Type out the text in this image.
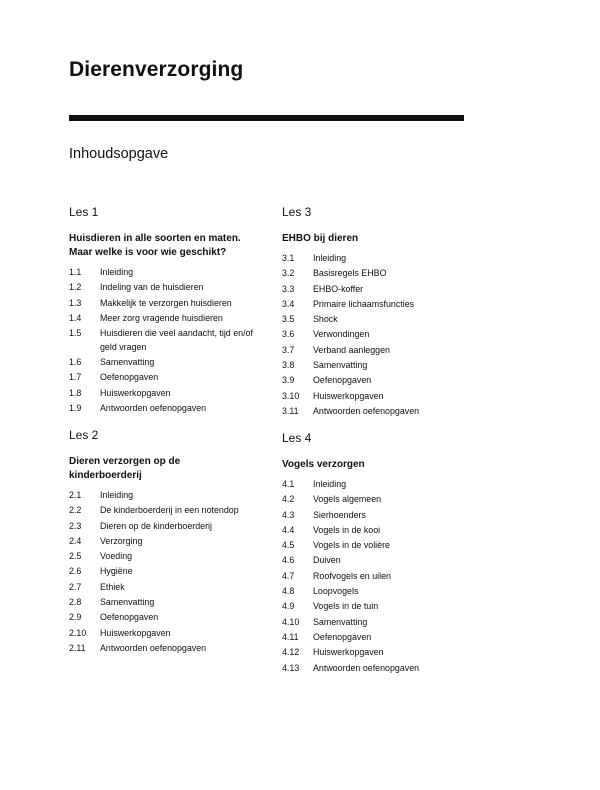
Dierenverzorging
Inhoudsopgave
Les 1
Huisdieren in alle soorten en maten. Maar welke is voor wie geschikt?
1.1	Inleiding
1.2	Indeling van de huisdieren
1.3	Makkelijk te verzorgen huisdieren
1.4	Meer zorg vragende huisdieren
1.5	Huisdieren die veel aandacht, tijd en/of geld vragen
1.6	Samenvatting
1.7	Oefenopgaven
1.8	Huiswerkopgaven
1.9	Antwoorden oefenopgaven
Les 2
Dieren verzorgen op de kinderboerderij
2.1	Inleiding
2.2	De kinderboerderij in een notendop
2.3	Dieren op de kinderboerderij
2.4	Verzorging
2.5	Voeding
2.6	Hygiëne
2.7	Ethiek
2.8	Samenvatting
2.9	Oefenopgaven
2.10	Huiswerkopgaven
2.11	Antwoorden oefenopgaven
Les 3
EHBO bij dieren
3.1	Inleiding
3.2	Basisregels EHBO
3.3	EHBO-koffer
3.4	Primaire lichaamsfuncties
3.5	Shock
3.6	Verwondingen
3.7	Verband aanleggen
3.8	Samenvatting
3.9	Oefenopgaven
3.10	Huiswerkopgaven
3.11	Antwoorden oefenopgaven
Les 4
Vogels verzorgen
4.1	Inleiding
4.2	Vogels algemeen
4.3	Sierhoenders
4.4	Vogels in de kooi
4.5	Vogels in de volière
4.6	Duiven
4.7	Roofvogels en uilen
4.8	Loopvogels
4.9	Vogels in de tuin
4.10	Samenvatting
4.11	Oefenopgaven
4.12	Huiswerkopgaven
4.13	Antwoorden oefenopgaven
